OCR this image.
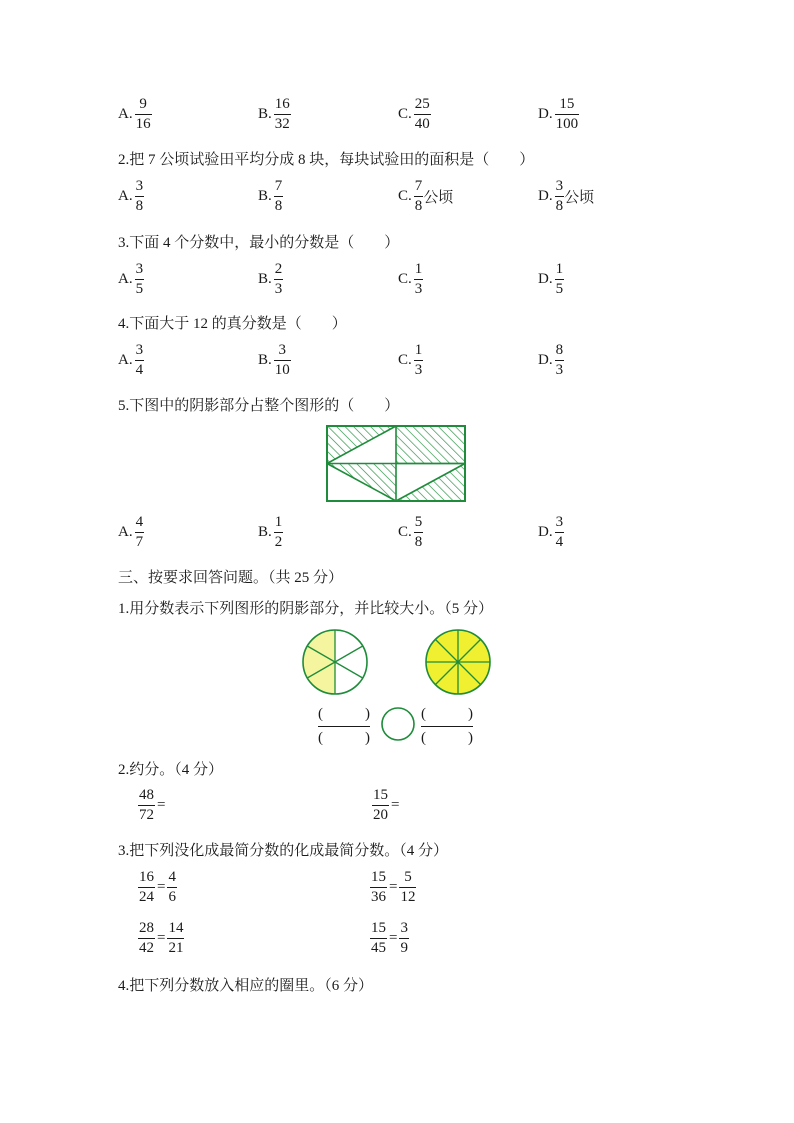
A. $\frac{9}{16}$	B. $\frac{16}{32}$	C. $\frac{25}{40}$	D. $\frac{15}{100}$
2.把 7 公顷试验田平均分成 8 块，每块试验田的面积是（　　）
A. $\frac{3}{8}$	B. $\frac{7}{8}$	C. $\frac{7}{8}$ 公顷	D. $\frac{3}{8}$ 公顷
3.下面 4 个分数中，最小的分数是（　　）
A. $\frac{3}{5}$	B. $\frac{2}{3}$	C. $\frac{1}{3}$	D. $\frac{1}{5}$
4.下面大于 12 的真分数是（　　）
A. $\frac{3}{4}$	B. $\frac{3}{10}$	C. $\frac{1}{3}$	D. $\frac{8}{3}$
5.下图中的阴影部分占整个图形的（　　）
A. $\frac{4}{7}$	B. $\frac{1}{2}$	C. $\frac{5}{8}$	D. $\frac{3}{4}$
三、按要求回答问题。（共 25 分）
1.用分数表示下列图形的阴影部分，并比较大小。（5 分）
(	)
(	)	(	)
(	)
2.约分。（4 分）
$\frac{48}{72}$ =	$\frac{15}{20}$ =
3.把下列没化成最简分数的化成最简分数。（4 分）
$\frac{16}{24} = \frac{4}{6}$	$\frac{15}{36} = \frac{5}{12}$
$\frac{28}{42} = \frac{14}{21}$	$\frac{15}{45} = \frac{3}{9}$
4.把下列分数放入相应的圈里。（6 分）
